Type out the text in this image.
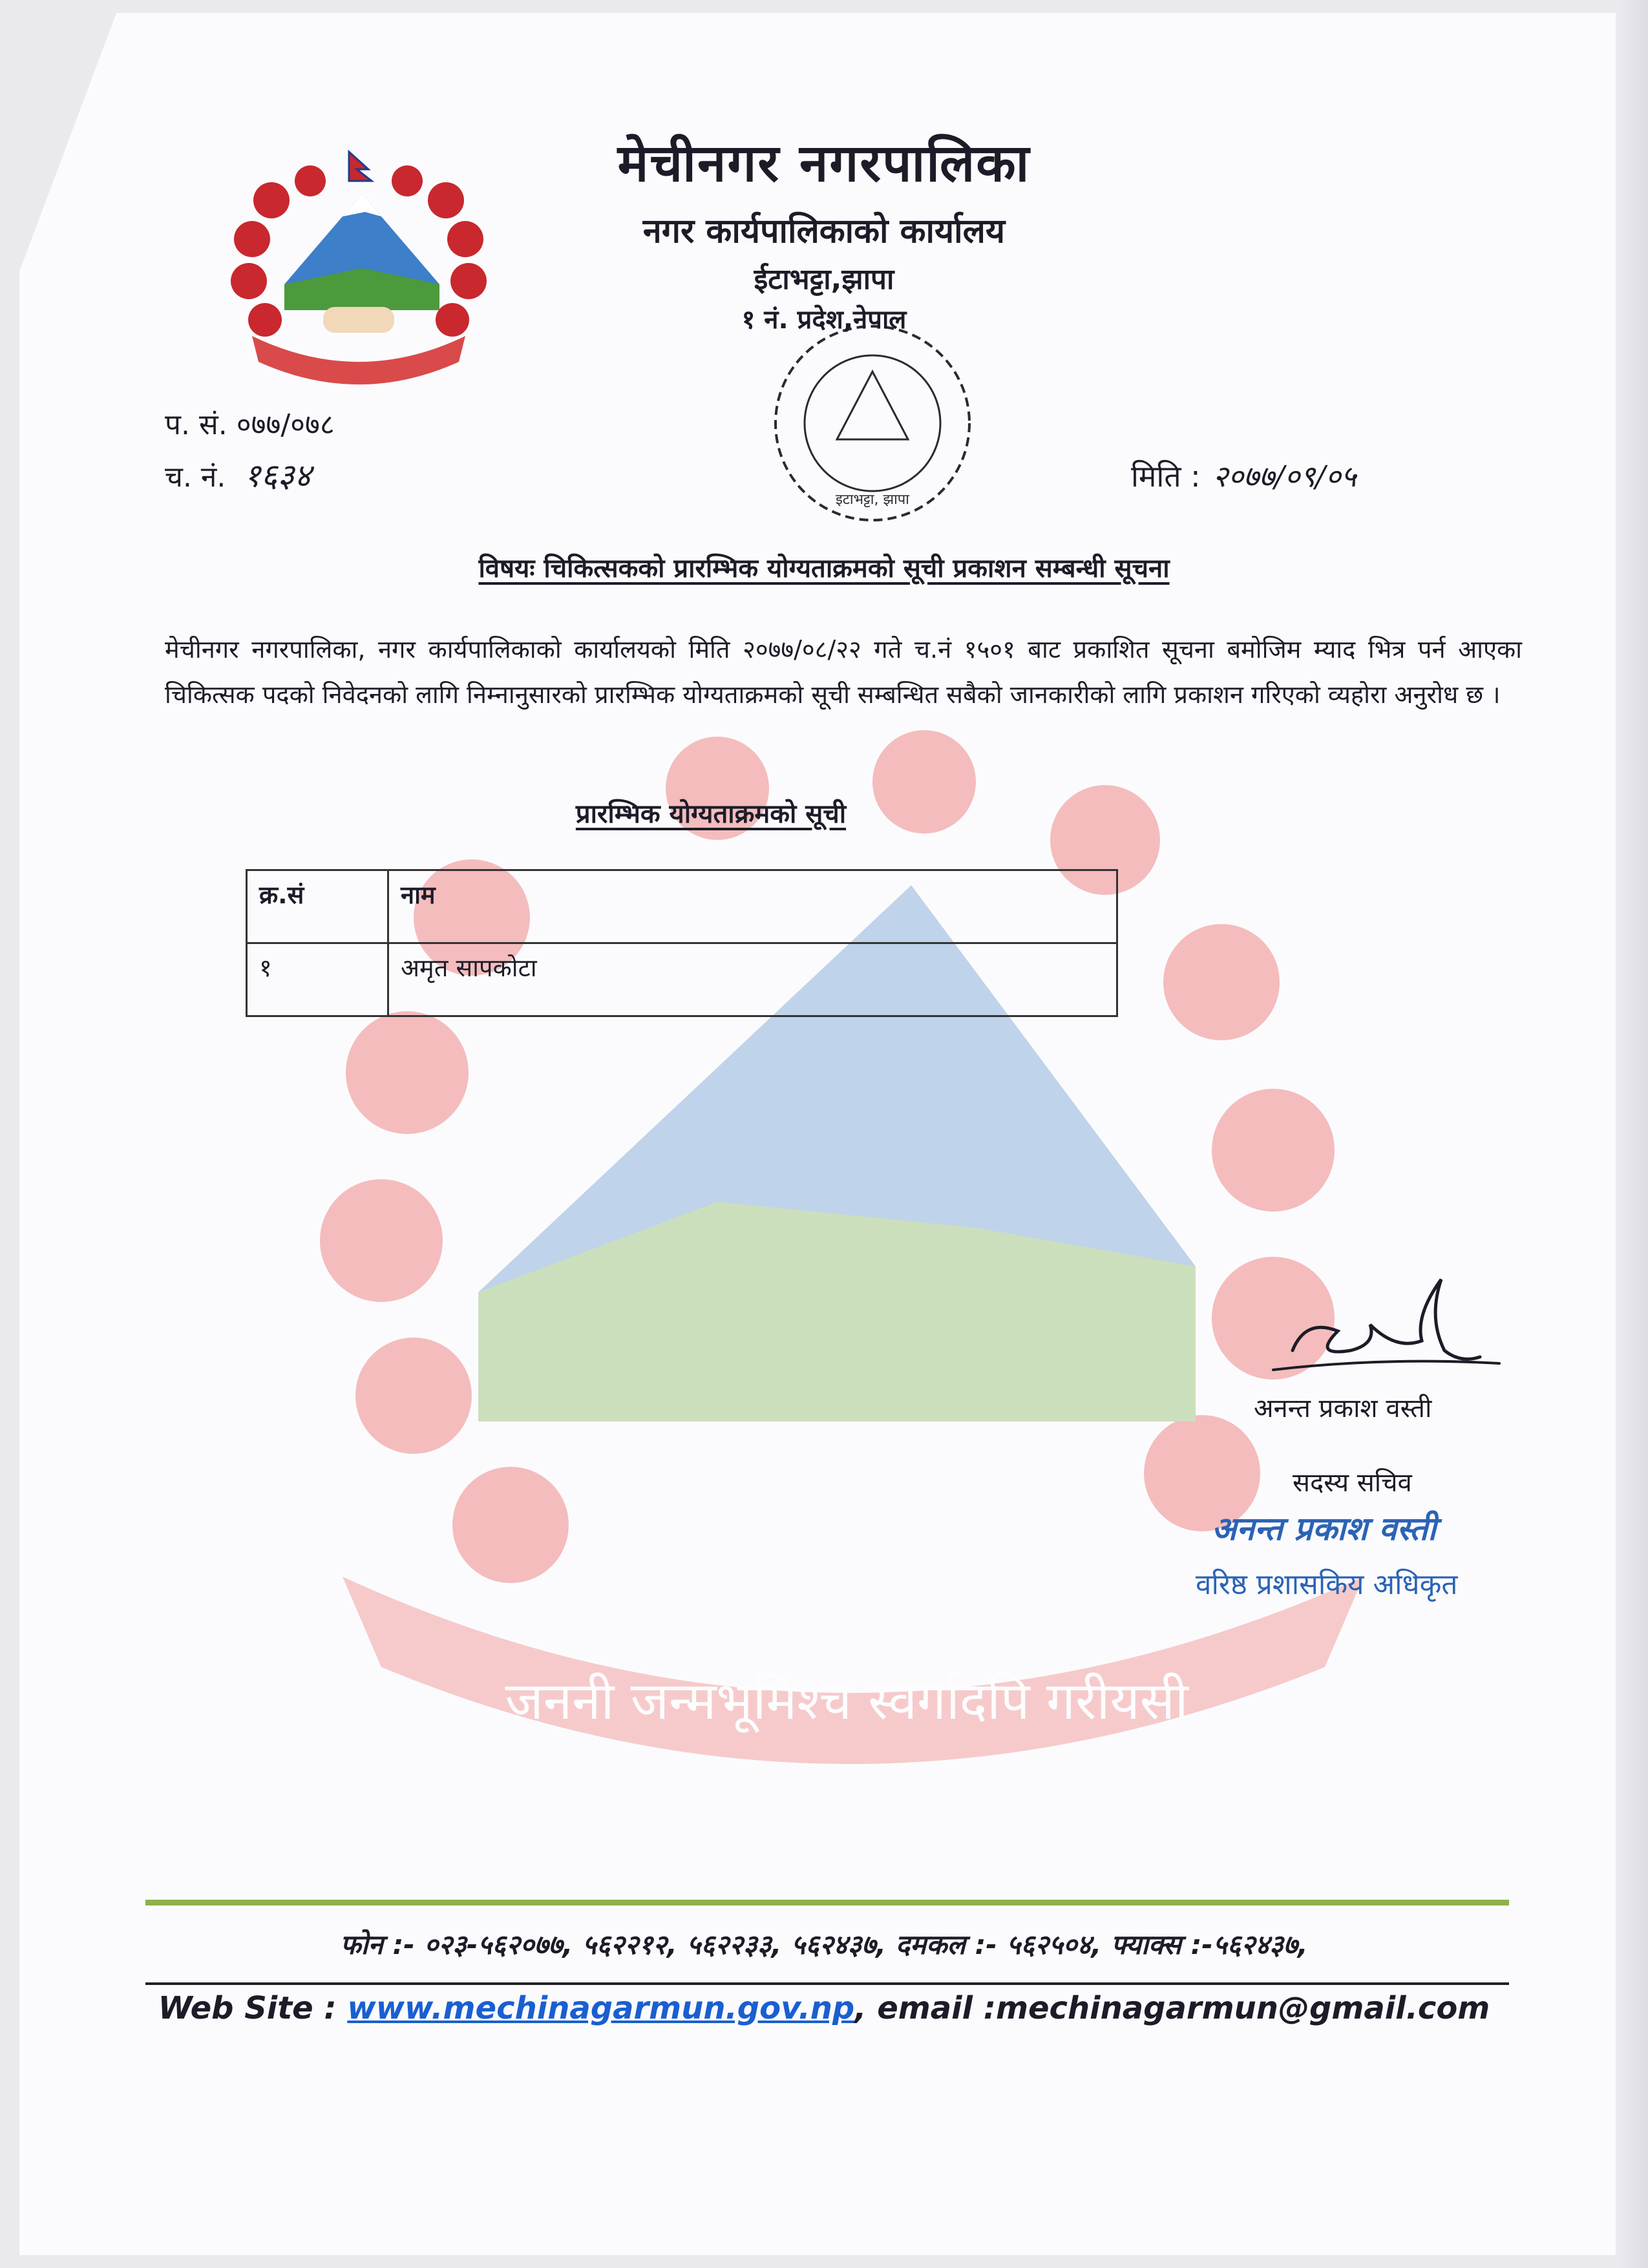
जननी जन्मभूमिश्च स्वर्गादपि गरीयसी
इटाभट्टा, झापा
मेचीनगर नगरपालिका
नगर कार्यपालिकाको कार्यालय
ईटाभट्टा,झापा
१ नं. प्रदेश,नेपाल
प. सं. ०७७/०७८
च. नं. १६३४	मिति : २०७७/०९/०५
विषयः चिकित्सकको प्रारम्भिक योग्यताक्रमको सूची प्रकाशन सम्बन्धी सूचना
मेचीनगर नगरपालिका, नगर कार्यपालिकाको कार्यालयको मिति २०७७/०८/२२ गते च.नं १५०१ बाट प्रकाशित सूचना बमोजिम म्याद भित्र पर्न आएका चिकित्सक पदको निवेदनको लागि निम्नानुसारको प्रारम्भिक योग्यताक्रमको सूची सम्बन्धित सबैको जानकारीको लागि प्रकाशन गरिएको व्यहोरा अनुरोध छ ।
प्रारम्भिक योग्यताक्रमको सूची
क्र.सं	नाम
१	अमृत सापकोटा
अनन्त प्रकाश वस्ती
सदस्य सचिव
अनन्त प्रकाश वस्ती
वरिष्ठ प्रशासकिय अधिकृत
फोन :- ०२३-५६२०७७, ५६२२१२, ५६२२३३, ५६२४३७, दमकल :- ५६२५०४, फ्याक्स :-५६२४३७,
Web Site : www.mechinagarmun.gov.np, email :mechinagarmun@gmail.com
